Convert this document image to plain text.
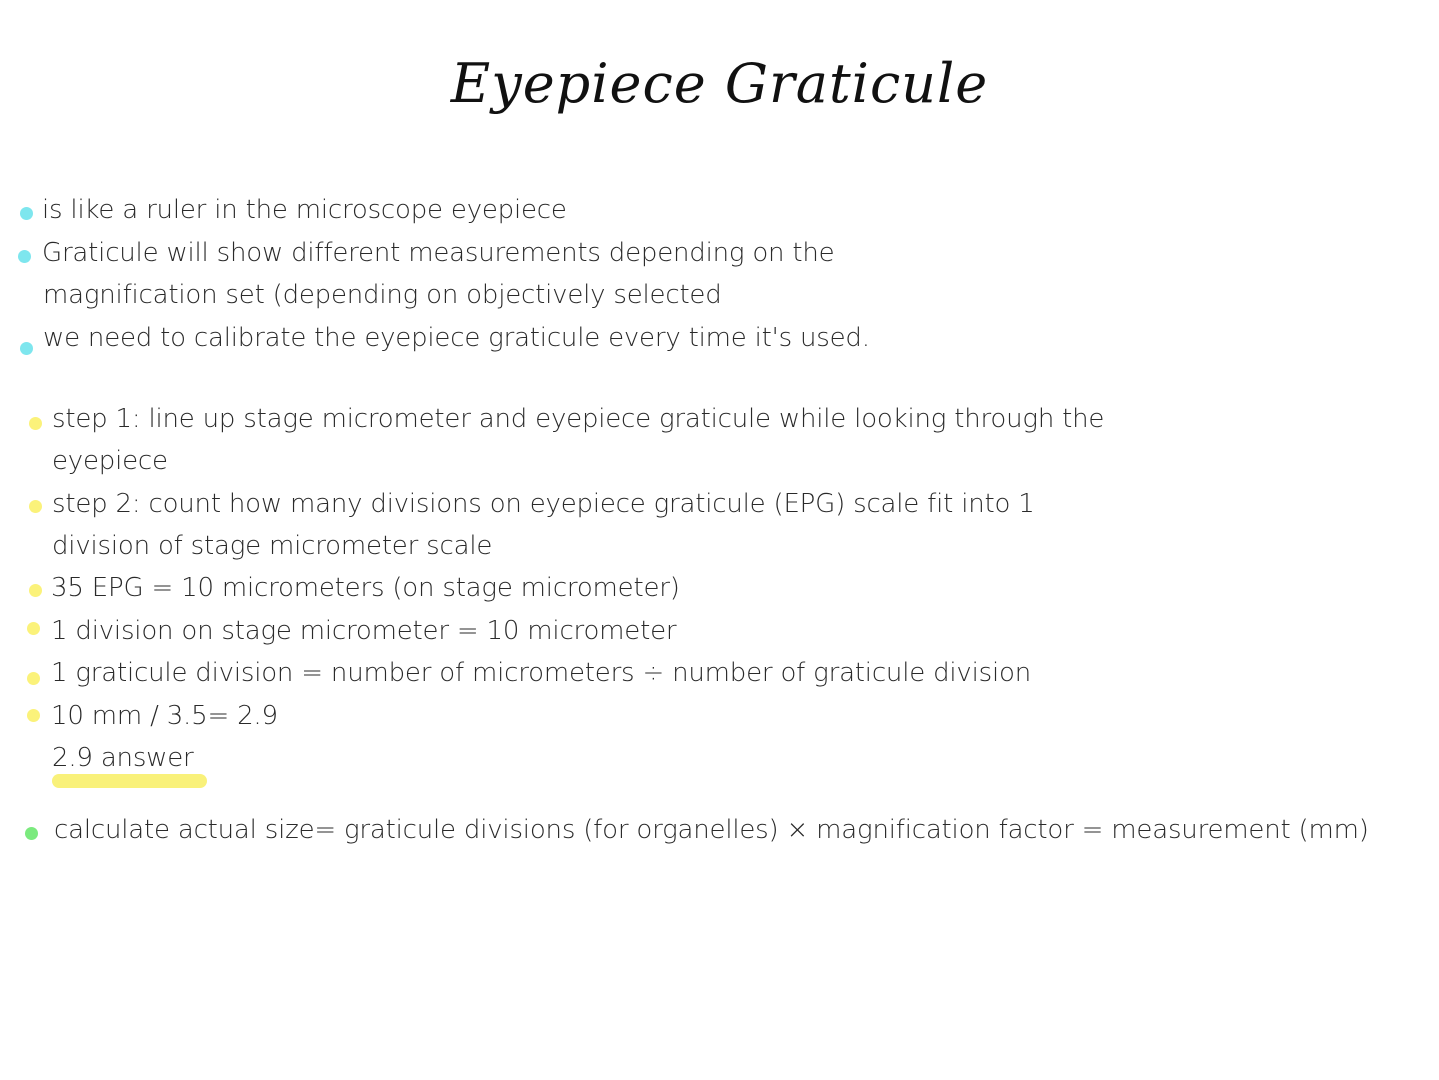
Eyepiece Graticule
is like a ruler in the microscope eyepiece
Graticule will show different measurements depending on the
magnification set (depending on objectively selected
we need to calibrate the eyepiece graticule every time it's used.
step 1: line up stage micrometer and eyepiece graticule while looking through the
eyepiece
step 2: count how many divisions on eyepiece graticule (EPG) scale fit into 1
division of stage micrometer scale
35 EPG = 10 micrometers (on stage micrometer)
1 division on stage micrometer = 10 micrometer
1 graticule division = number of micrometers ÷ number of graticule division
10 mm / 3.5= 2.9
2.9 answer
calculate actual size= graticule divisions (for organelles) × magnification factor = measurement (mm)
